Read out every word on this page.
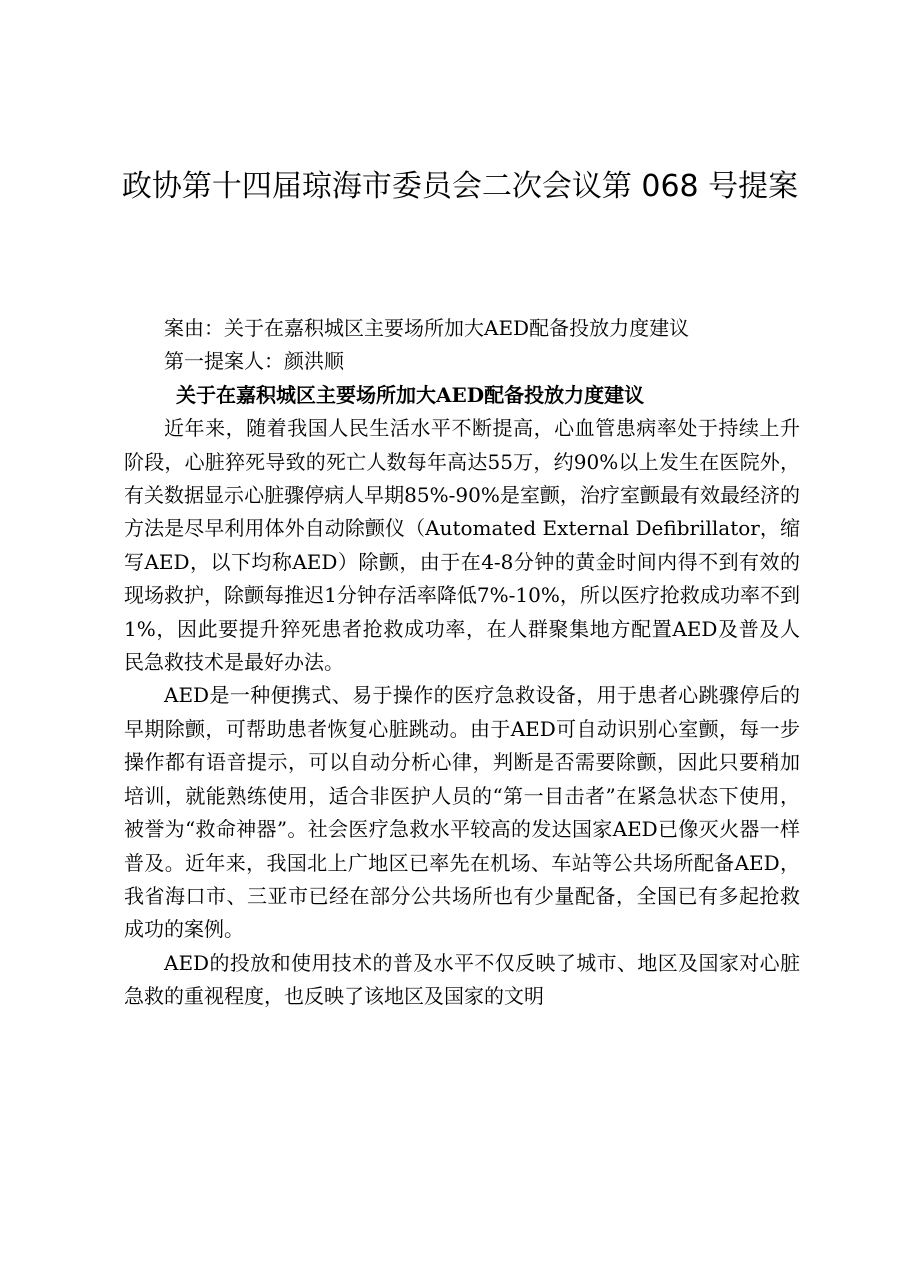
政协第十四届琼海市委员会二次会议第 068 号提案

案由：关于在嘉积城区主要场所加大AED配备投放力度建议

第一提案人：颜洪顺

关于在嘉积城区主要场所加大AED配备投放力度建议

近年来，随着我国人民生活水平不断提高，心血管患病率处于持续上升阶段，心脏猝死导致的死亡人数每年高达55万，约90%以上发生在医院外，有关数据显示心脏骤停病人早期85%-90%是室颤，治疗室颤最有效最经济的方法是尽早利用体外自动除颤仪（Automated External Defibrillator，缩写AED，以下均称AED）除颤，由于在4-8分钟的黄金时间内得不到有效的现场救护，除颤每推迟1分钟存活率降低7%-10%，所以医疗抢救成功率不到1%，因此要提升猝死患者抢救成功率，在人群聚集地方配置AED及普及人民急救技术是最好办法。

AED是一种便携式、易于操作的医疗急救设备，用于患者心跳骤停后的早期除颤，可帮助患者恢复心脏跳动。由于AED可自动识别心室颤，每一步操作都有语音提示，可以自动分析心律，判断是否需要除颤，因此只要稍加培训，就能熟练使用，适合非医护人员的“第一目击者”在紧急状态下使用，被誉为“救命神器”。社会医疗急救水平较高的发达国家AED已像灭火器一样普及。近年来，我国北上广地区已率先在机场、车站等公共场所配备AED，我省海口市、三亚市已经在部分公共场所也有少量配备，全国已有多起抢救成功的案例。

AED的投放和使用技术的普及水平不仅反映了城市、地区及国家对心脏急救的重视程度，也反映了该地区及国家的文明
